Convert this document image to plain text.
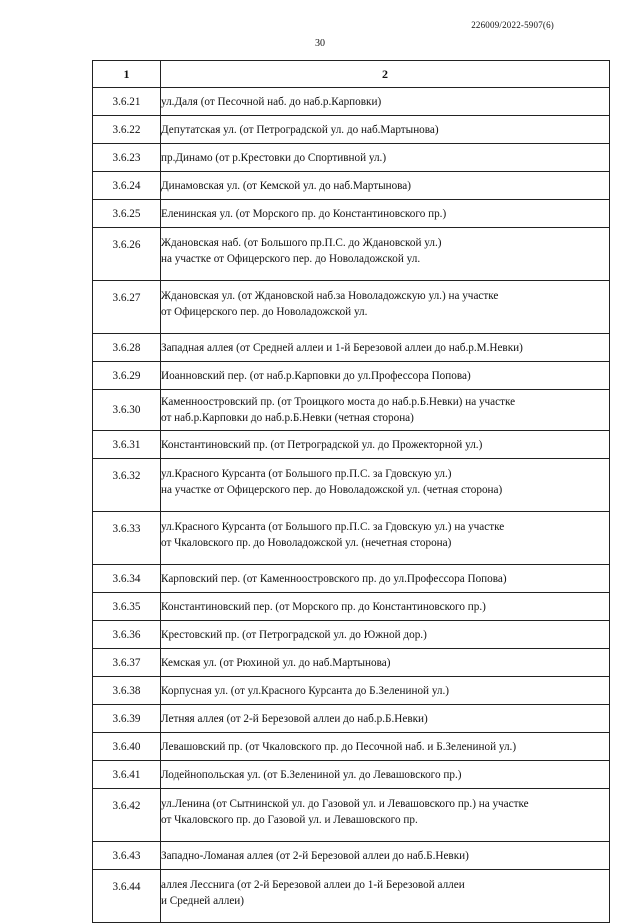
226009/2022-5907(6)
30
1	2
3.6.21	ул.Даля (от Песочной наб. до наб.р.Карповки)
3.6.22	Депутатская ул. (от Петроградской ул. до наб.Мартынова)
3.6.23	пр.Динамо (от р.Крестовки до Спортивной ул.)
3.6.24	Динамовская ул. (от Кемской ул. до наб.Мартынова)
3.6.25	Еленинская ул. (от Морского пр. до Константиновского пр.)
3.6.26	Ждановская наб. (от Большого пр.П.С. до Ждановской ул.)
на участке от Офицерского пер. до Новоладожской ул.

3.6.27	Ждановская ул. (от Ждановской наб.за Новоладожскую ул.) на участке
от Офицерского пер. до Новоладожской ул.

3.6.28	Западная аллея (от Средней аллеи и 1-й Березовой аллеи до наб.р.М.Невки)
3.6.29	Иоанновский пер. (от наб.р.Карповки до ул.Профессора Попова)
3.6.30	Каменноостровский пр. (от Троицкого моста до наб.р.Б.Невки) на участке
от наб.р.Карповки до наб.р.Б.Невки (четная сторона)

3.6.31	Константиновский пр. (от Петроградской ул. до Прожекторной ул.)
3.6.32	ул.Красного Курсанта (от Большого пр.П.С. за Гдовскую ул.)
на участке от Офицерского пер. до Новоладожской ул. (четная сторона)

3.6.33	ул.Красного Курсанта (от Большого пр.П.С. за Гдовскую ул.) на участке
от Чкаловского пр. до Новоладожской ул. (нечетная сторона)

3.6.34	Карповский пер. (от Каменноостровского пр. до ул.Профессора Попова)
3.6.35	Константиновский пер. (от Морского пр. до Константиновского пр.)
3.6.36	Крестовский пр. (от Петроградской ул. до Южной дор.)
3.6.37	Кемская ул. (от Рюхиной ул. до наб.Мартынова)
3.6.38	Корпусная ул. (от ул.Красного Курсанта до Б.Зелениной ул.)
3.6.39	Летняя аллея (от 2-й Березовой аллеи до наб.р.Б.Невки)
3.6.40	Левашовский пр. (от Чкаловского пр. до Песочной наб. и Б.Зелениной ул.)
3.6.41	Лодейнопольская ул. (от Б.Зелениной ул. до Левашовского пр.)
3.6.42	ул.Ленина (от Сытнинской ул. до Газовой ул. и Левашовского пр.) на участке
от Чкаловского пр. до Газовой ул. и Левашовского пр.

3.6.43	Западно-Ломаная аллея (от 2-й Березовой аллеи до наб.Б.Невки)
3.6.44	аллея Лесснига (от 2-й Березовой аллеи до 1-й Березовой аллеи
и Средней аллеи)
